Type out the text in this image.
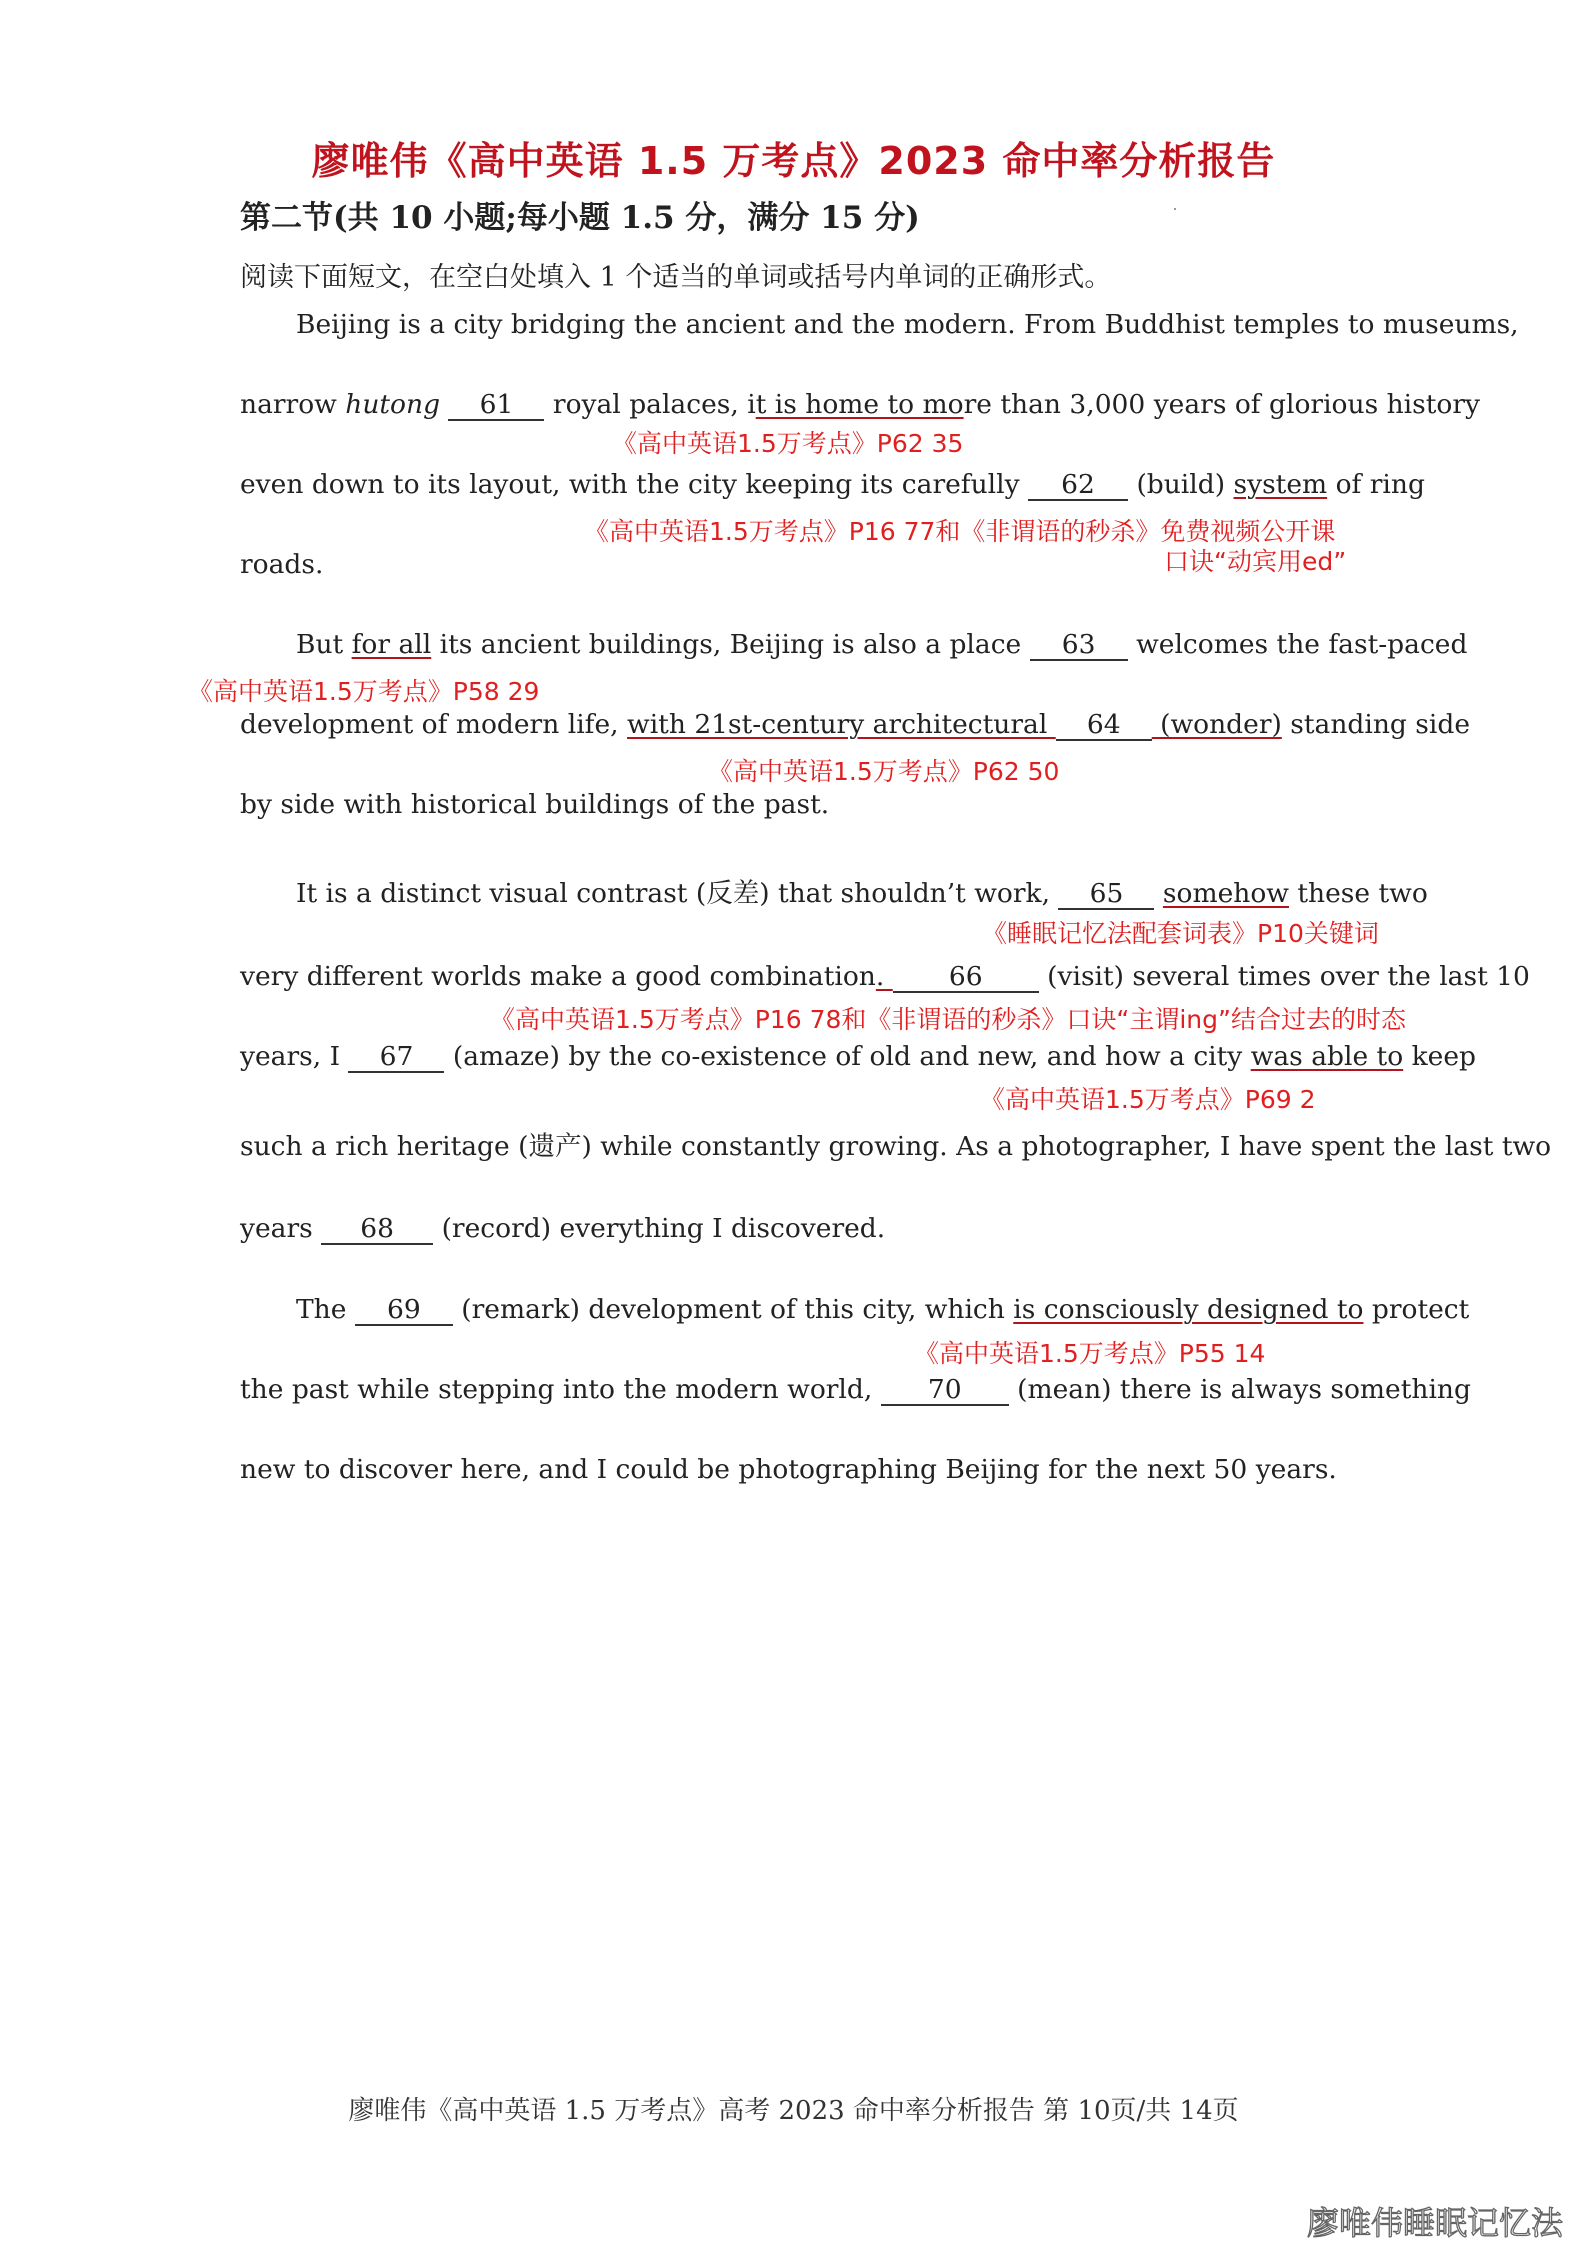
廖唯伟《高中英语 1.5 万考点》2023 命中率分析报告
第二节(共 10 小题;每小题 1.5 分，满分 15 分)
阅读下面短文，在空白处填入 1 个适当的单词或括号内单词的正确形式。
Beijing is a city bridging the ancient and the modern. From Buddhist temples to museums,
narrow hutong 61 royal palaces, it is home to more than 3,000 years of glorious history
《高中英语1.5万考点》P62 35
even down to its layout, with the city keeping its carefully 62 (build) system of ring
《高中英语1.5万考点》P16 77和《非谓语的秒杀》免费视频公开课
口诀“动宾用ed”
roads.
But for all its ancient buildings, Beijing is also a place 63 welcomes the fast-paced
《高中英语1.5万考点》P58 29
development of modern life, with 21st-century architectural 64 (wonder) standing side
《高中英语1.5万考点》P62 50
by side with historical buildings of the past.
It is a distinct visual contrast (反差) that shouldn’t work, 65 somehow these two
《睡眠记忆法配套词表》P10关键词
very different worlds make a good combination. 66 (visit) several times over the last 10
《高中英语1.5万考点》P16 78和《非谓语的秒杀》口诀“主谓ing”结合过去的时态
years, I 67 (amaze) by the co-existence of old and new, and how a city was able to keep
《高中英语1.5万考点》P69 2
such a rich heritage (遗产) while constantly growing. As a photographer, I have spent the last two
years 68 (record) everything I discovered.
The 69 (remark) development of this city, which is consciously designed to protect
《高中英语1.5万考点》P55 14
the past while stepping into the modern world, 70 (mean) there is always something
new to discover here, and I could be photographing Beijing for the next 50 years.
廖唯伟《高中英语 1.5 万考点》高考 2023 命中率分析报告 第 10页/共 14页
廖唯伟睡眠记忆法
